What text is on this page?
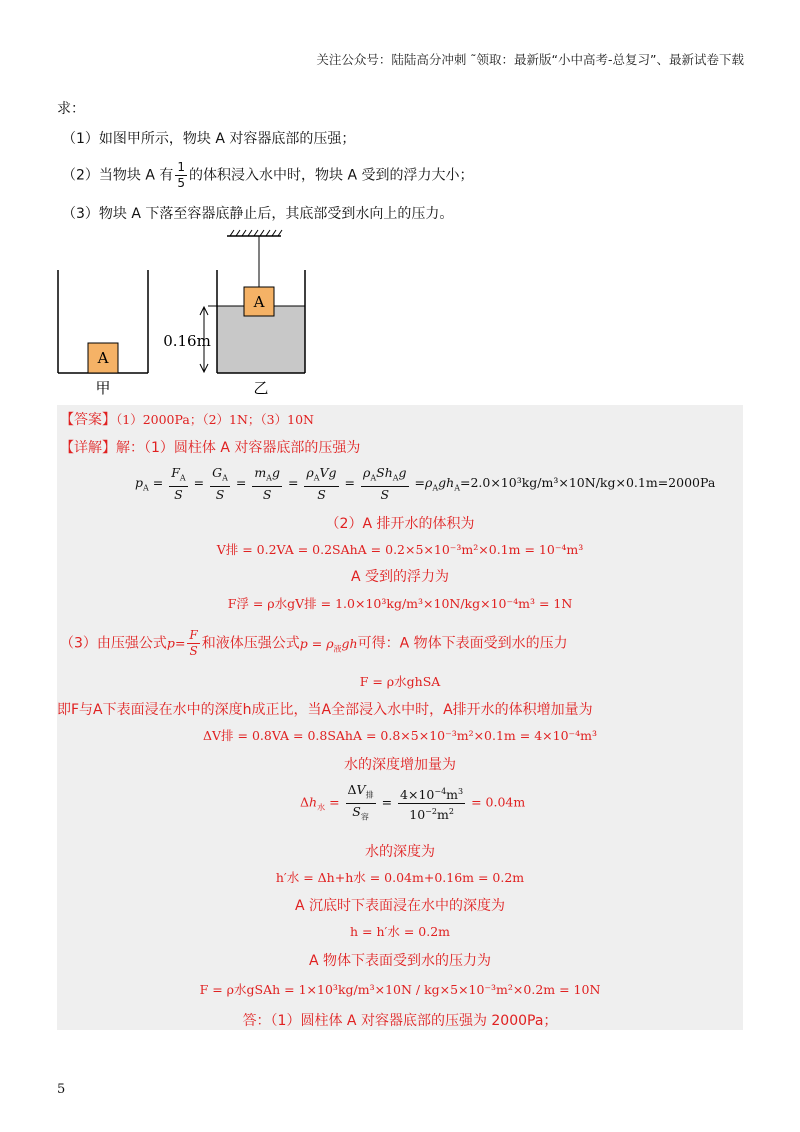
关注公众号：陆陆高分冲刺 ˜领取：最新版“小中高考-总复习”、最新试卷下载
求：
（1）如图甲所示，物块 A 对容器底部的压强；
（2）当物块 A 有 $\frac{1}{5}$ 的体积浸入水中时，物块 A 受到的浮力大小；
（3）物块 A 下落至容器底静止后，其底部受到水向上的压力。
A
甲
A
0.16m
乙
【答案】（1）2000Pa；（2）1N；（3）10N
【详解】解：（1）圆柱体 A 对容器底部的压强为
$p_A = \frac{F_A}{S} = \frac{G_A}{S} = \frac{m_Ag}{S} = \frac{\rho_AVg}{S} = \frac{\rho_ASh_Ag}{S} =\rho_Agh_A=2.0\times 10^3kg/m^3\times 10N/kg\times 0.1m=2000Pa$
（2）A 排开水的体积为
V排 = 0.2VA = 0.2SAhA = 0.2×5×10⁻³m²×0.1m = 10⁻⁴m³
A 受到的浮力为
F浮 = ρ水gV排 = 1.0×10³kg/m³×10N/kg×10⁻⁴m³ = 1N
（3）由压强公式$p= \frac{F}{S}$ 和液体压强公式$p = \rho_液gh$可得：A 物体下表面受到水的压力
F = ρ水ghSA
即F与A下表面浸在水中的深度h成正比，当A全部浸入水中时，A排开水的体积增加量为
ΔV排 = 0.8VA = 0.8SAhA = 0.8×5×10⁻³m²×0.1m = 4×10⁻⁴m³
水的深度增加量为
$\Delta h_水 = \frac{\Delta V_排}{S_容} = \frac{4\times 10^{-4}m^3}{10^{-2}m^2} = 0.04m$
水的深度为
h′水 = Δh+h水 = 0.04m+0.16m = 0.2m
A 沉底时下表面浸在水中的深度为
h = h′水 = 0.2m
A 物体下表面受到水的压力为
F = ρ水gSAh = 1×10³kg/m³×10N / kg×5×10⁻³m²×0.2m = 10N
答：（1）圆柱体 A 对容器底部的压强为 2000Pa；
5
